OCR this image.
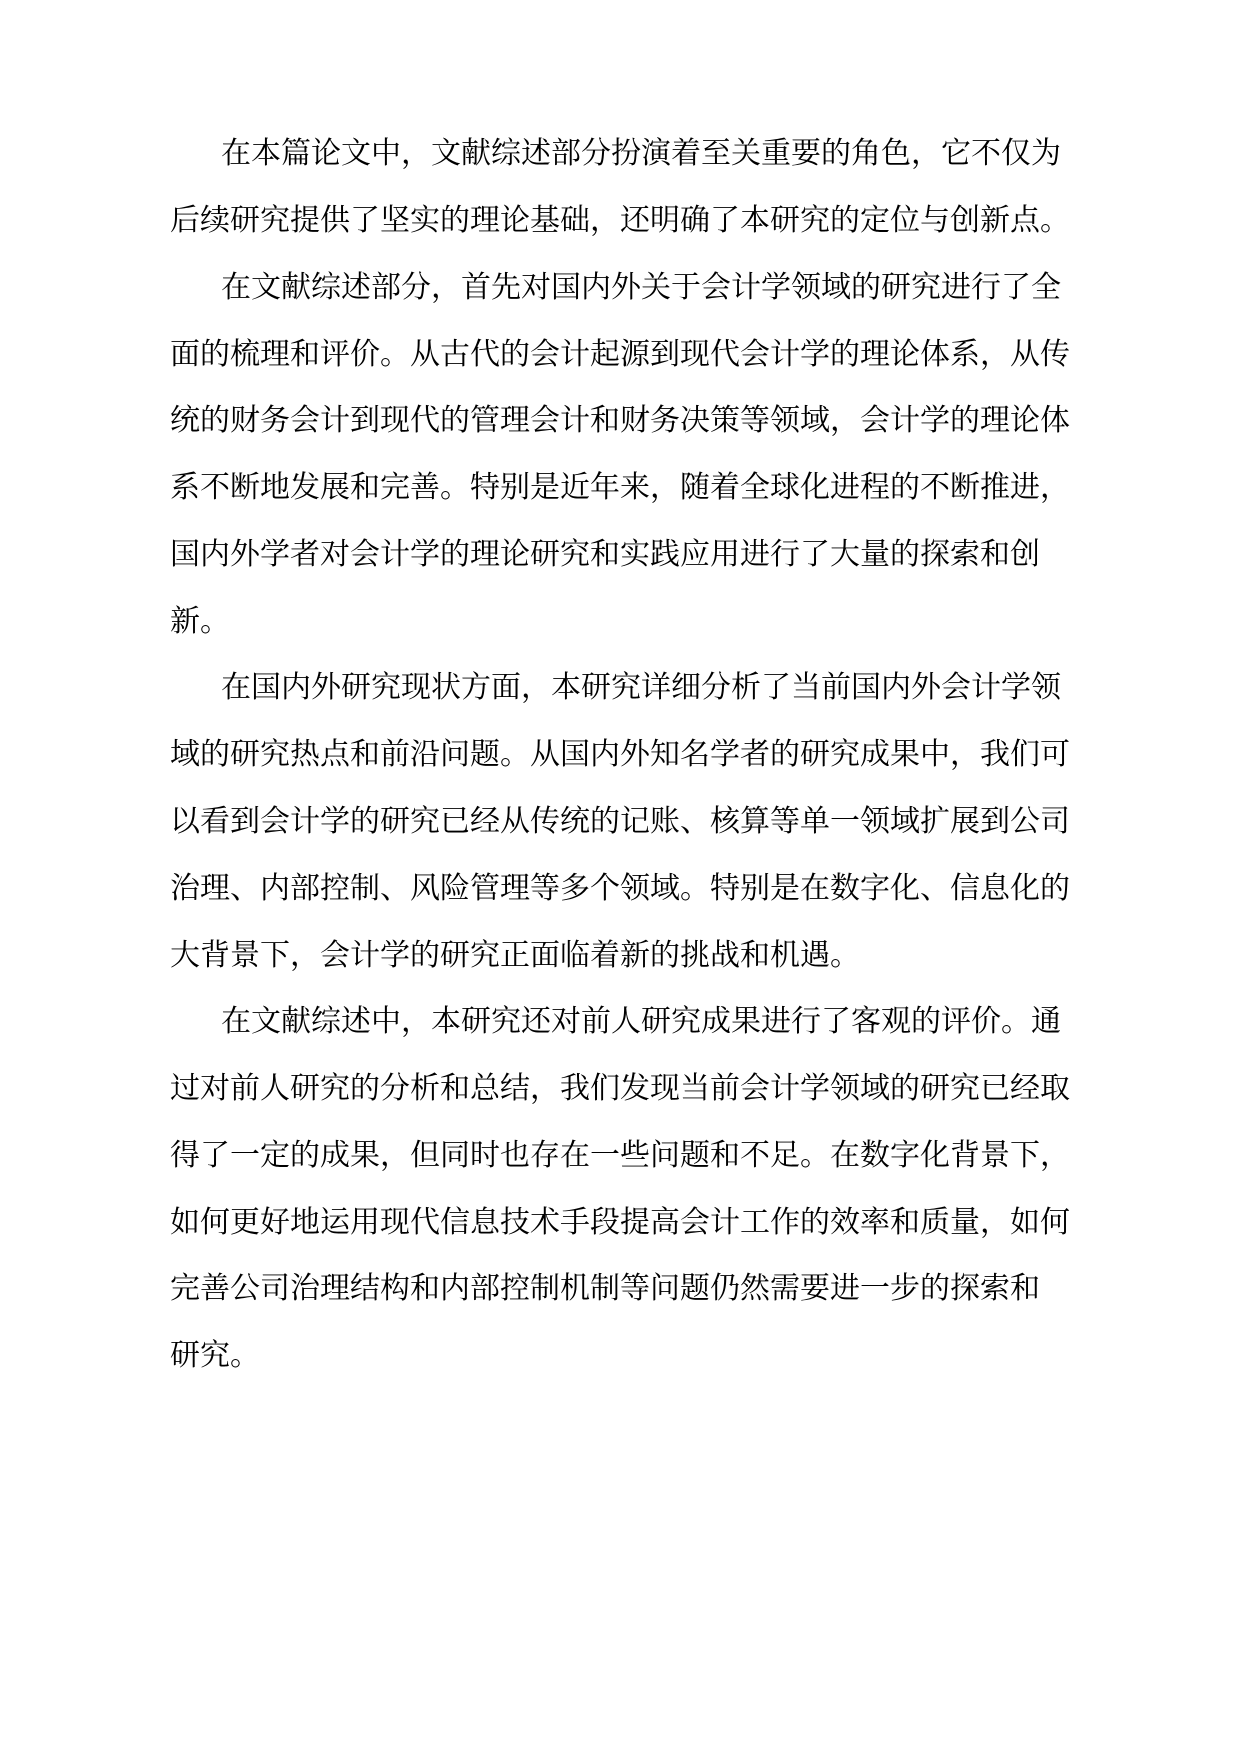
在本篇论文中，文献综述部分扮演着至关重要的角色，它不仅为
后续研究提供了坚实的理论基础，还明确了本研究的定位与创新点。
在文献综述部分，首先对国内外关于会计学领域的研究进行了全
面的梳理和评价。从古代的会计起源到现代会计学的理论体系，从传
统的财务会计到现代的管理会计和财务决策等领域，会计学的理论体
系不断地发展和完善。特别是近年来，随着全球化进程的不断推进，
国内外学者对会计学的理论研究和实践应用进行了大量的探索和创
新。
在国内外研究现状方面，本研究详细分析了当前国内外会计学领
域的研究热点和前沿问题。从国内外知名学者的研究成果中，我们可
以看到会计学的研究已经从传统的记账、核算等单一领域扩展到公司
治理、内部控制、风险管理等多个领域。特别是在数字化、信息化的
大背景下，会计学的研究正面临着新的挑战和机遇。
在文献综述中，本研究还对前人研究成果进行了客观的评价。通
过对前人研究的分析和总结，我们发现当前会计学领域的研究已经取
得了一定的成果，但同时也存在一些问题和不足。在数字化背景下，
如何更好地运用现代信息技术手段提高会计工作的效率和质量，如何
完善公司治理结构和内部控制机制等问题仍然需要进一步的探索和
研究。
